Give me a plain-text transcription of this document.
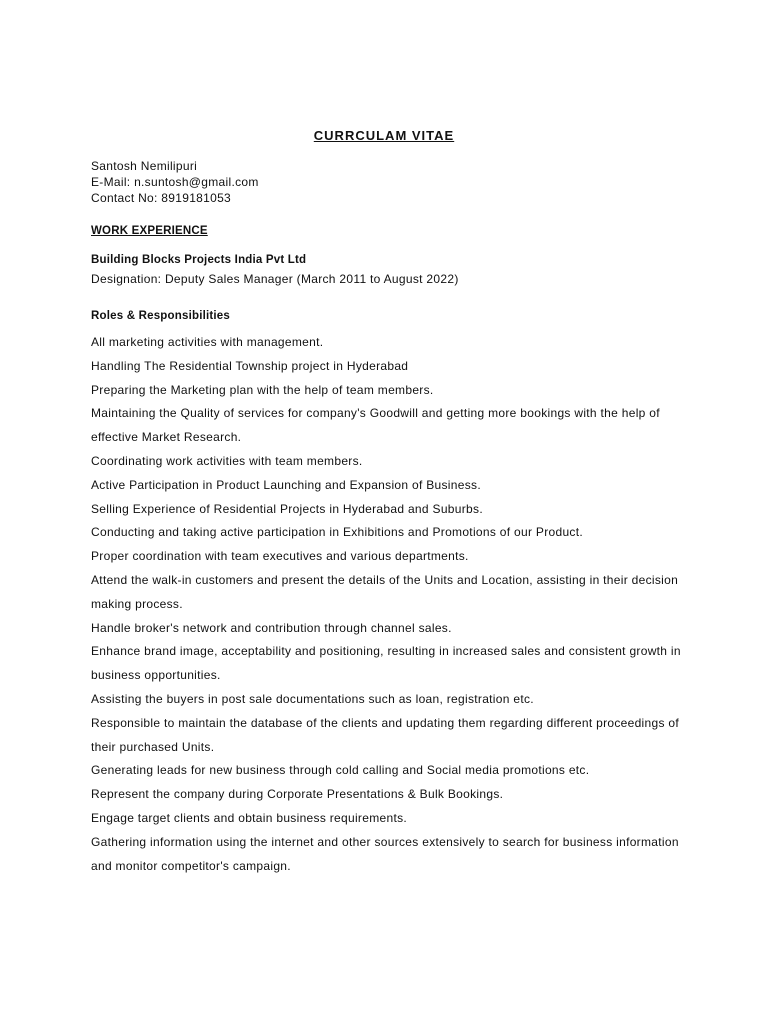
CURRCULAM VITAE
Santosh Nemilipuri
E-Mail: n.suntosh@gmail.com
Contact No: 8919181053
WORK EXPERIENCE
Building Blocks Projects India Pvt Ltd
Designation: Deputy Sales Manager (March 2011 to August 2022)
Roles & Responsibilities
All marketing activities with management.
Handling The Residential Township project in Hyderabad
Preparing the Marketing plan with the help of team members.
Maintaining the Quality of services for company's Goodwill and getting more bookings with the help of effective Market Research.
Coordinating work activities with team members.
Active Participation in Product Launching and Expansion of Business.
Selling Experience of Residential Projects in Hyderabad and Suburbs.
Conducting and taking active participation in Exhibitions and Promotions of our Product.
Proper coordination with team executives and various departments.
Attend the walk-in customers and present the details of the Units and Location, assisting in their decision making process.
Handle broker's network and contribution through channel sales.
Enhance brand image, acceptability and positioning, resulting in increased sales and consistent growth in business opportunities.
Assisting the buyers in post sale documentations such as loan, registration etc.
Responsible to maintain the database of the clients and updating them regarding different proceedings of their purchased Units.
Generating leads for new business through cold calling and Social media promotions etc.
Represent the company during Corporate Presentations & Bulk Bookings.
Engage target clients and obtain business requirements.
Gathering information using the internet and other sources extensively to search for business information and monitor competitor's campaign.
